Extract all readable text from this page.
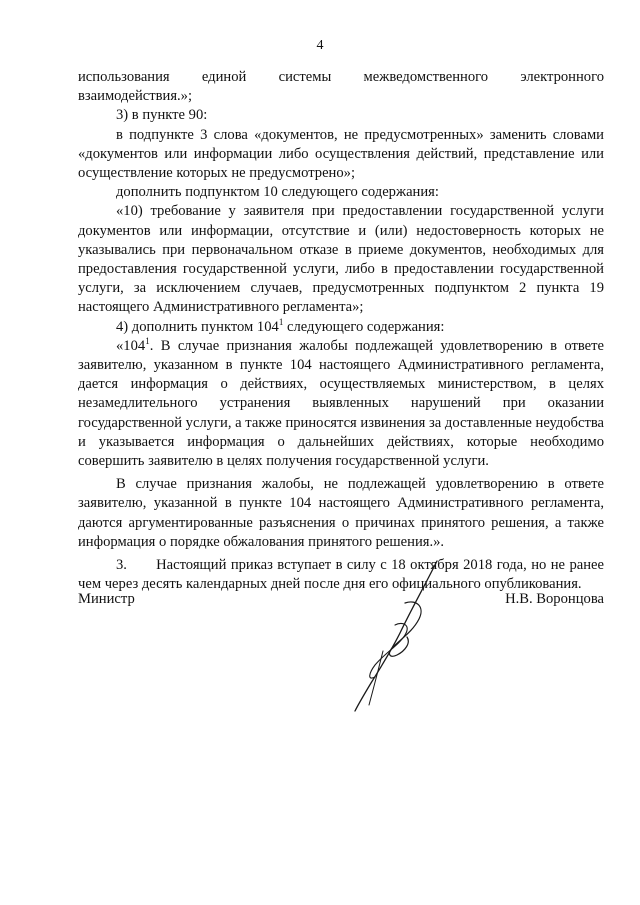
4

использования единой системы межведомственного электронного
взаимодействия.»;

3) в пункте 90:

в подпункте 3 слова «документов, не предусмотренных» заменить словами «документов или информации либо осуществления действий, представление или осуществление которых не предусмотрено»;

дополнить подпунктом 10 следующего содержания:

«10) требование у заявителя при предоставлении государственной услуги документов или информации, отсутствие и (или) недостоверность которых не указывались при первоначальном отказе в приеме документов, необходимых для предоставления государственной услуги, либо в предоставлении государственной услуги, за исключением случаев, предусмотренных подпунктом 2 пункта 19 настоящего Административного регламента»;

4) дополнить пунктом $104^1$ следующего содержания:

«$104^1$. В случае признания жалобы подлежащей удовлетворению в ответе заявителю, указанном в пункте 104 настоящего Административного регламента, дается информация о действиях, осуществляемых министерством, в целях незамедлительного устранения выявленных нарушений при оказании государственной услуги, а также приносятся извинения за доставленные неудобства и указывается информация о дальнейших действиях, которые необходимо совершить заявителю в целях получения государственной услуги.

В случае признания жалобы, не подлежащей удовлетворению в ответе заявителю, указанной в пункте 104 настоящего Административного регламента, даются аргументированные разъяснения о причинах принятого решения, а также информация о порядке обжалования принятого решения.».

3.  Настоящий приказ вступает в силу с 18 октября 2018 года, но не ранее чем через десять календарных дней после дня его официального опубликования.

Министр	Н.В. Воронцова
